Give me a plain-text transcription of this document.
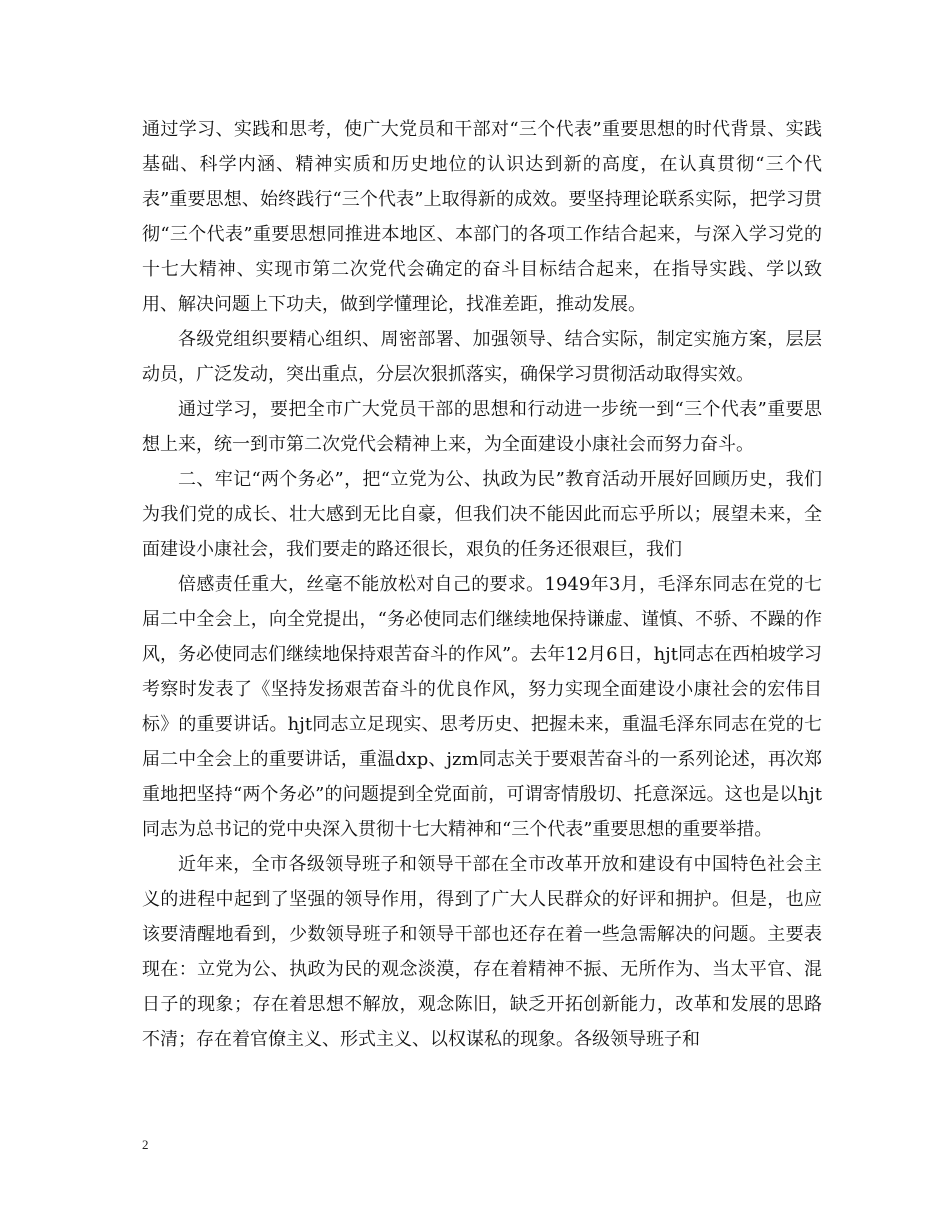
通过学习、实践和思考，使广大党员和干部对“三个代表”重要思想的时代背景、实践基础、科学内涵、精神实质和历史地位的认识达到新的高度，在认真贯彻“三个代表”重要思想、始终践行“三个代表”上取得新的成效。要坚持理论联系实际，把学习贯彻“三个代表”重要思想同推进本地区、本部门的各项工作结合起来，与深入学习党的十七大精神、实现市第二次党代会确定的奋斗目标结合起来，在指导实践、学以致用、解决问题上下功夫，做到学懂理论，找准差距，推动发展。

各级党组织要精心组织、周密部署、加强领导、结合实际，制定实施方案，层层动员，广泛发动，突出重点，分层次狠抓落实，确保学习贯彻活动取得实效。

通过学习，要把全市广大党员干部的思想和行动进一步统一到“三个代表”重要思想上来，统一到市第二次党代会精神上来，为全面建设小康社会而努力奋斗。

二、牢记“两个务必”，把“立党为公、执政为民”教育活动开展好回顾历史，我们为我们党的成长、壮大感到无比自豪，但我们决不能因此而忘乎所以；展望未来，全面建设小康社会，我们要走的路还很长，艰负的任务还很艰巨，我们

倍感责任重大，丝毫不能放松对自己的要求。1949年3月，毛泽东同志在党的七届二中全会上，向全党提出，“务必使同志们继续地保持谦虚、谨慎、不骄、不躁的作风，务必使同志们继续地保持艰苦奋斗的作风”。去年12月6日，hjt同志在西柏坡学习考察时发表了《坚持发扬艰苦奋斗的优良作风，努力实现全面建设小康社会的宏伟目标》的重要讲话。hjt同志立足现实、思考历史、把握未来，重温毛泽东同志在党的七届二中全会上的重要讲话，重温dxp、jzm同志关于要艰苦奋斗的一系列论述，再次郑重地把坚持“两个务必”的问题提到全党面前，可谓寄情殷切、托意深远。这也是以hjt同志为总书记的党中央深入贯彻十七大精神和“三个代表”重要思想的重要举措。

近年来，全市各级领导班子和领导干部在全市改革开放和建设有中国特色社会主义的进程中起到了坚强的领导作用，得到了广大人民群众的好评和拥护。但是，也应该要清醒地看到，少数领导班子和领导干部也还存在着一些急需解决的问题。主要表现在：立党为公、执政为民的观念淡漠，存在着精神不振、无所作为、当太平官、混日子的现象；存在着思想不解放，观念陈旧，缺乏开拓创新能力，改革和发展的思路不清；存在着官僚主义、形式主义、以权谋私的现象。各级领导班子和

2
